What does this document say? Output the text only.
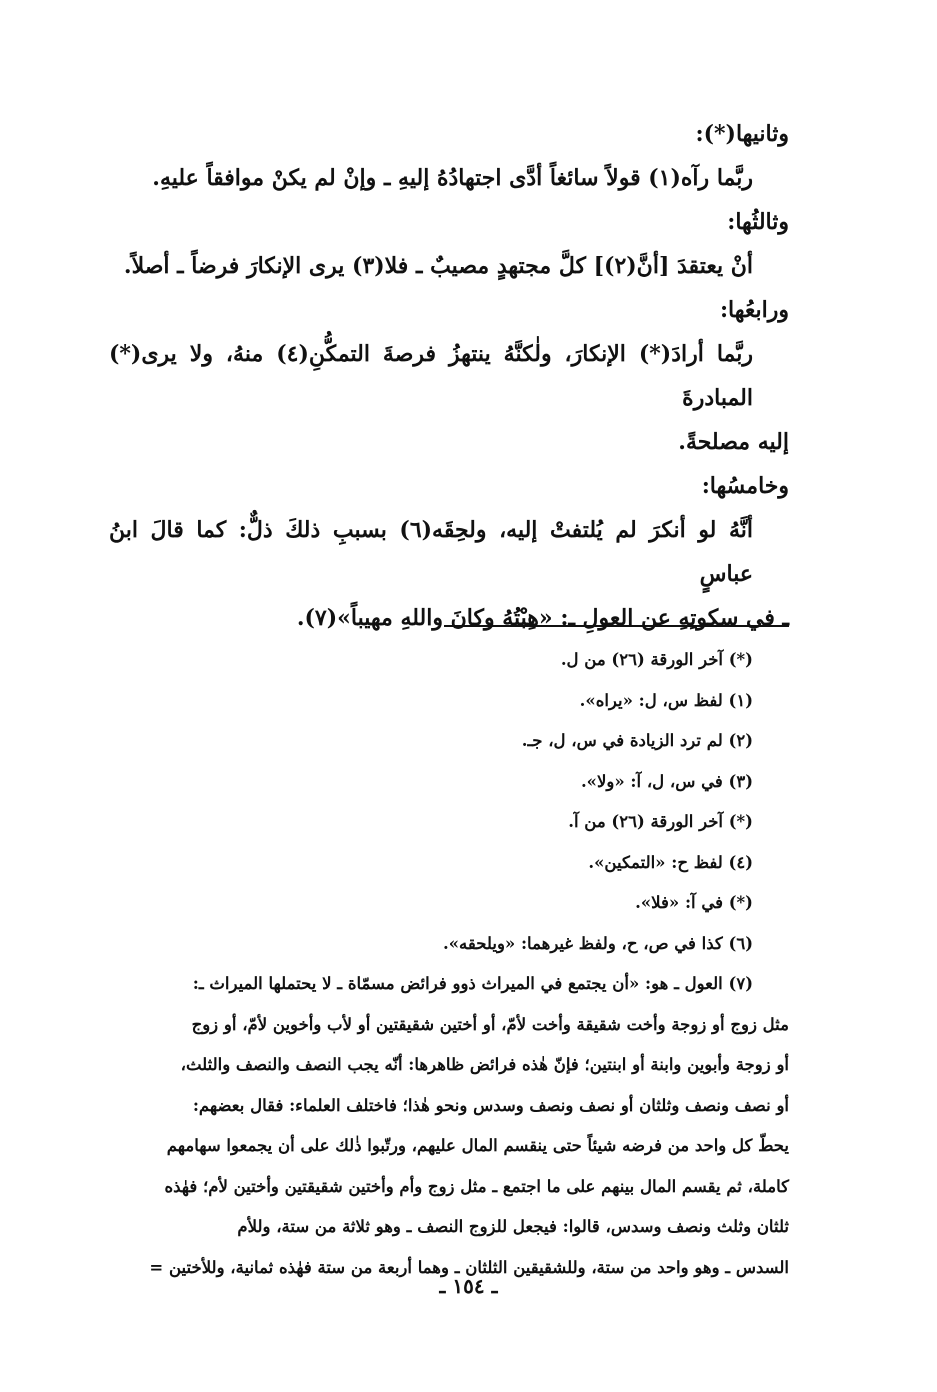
وثانيها(*):

ربَّما رآه(١) قولاً سائغاً أدَّى اجتهادُهُ إليهِ ـ وإنْ لم يكنْ موافقاً عليهِ.

وثالثُها:

أنْ يعتقدَ [أنَّ(٢)] كلَّ مجتهدٍ مصيبٌ ـ فلا(٣) يرى الإنكارَ فرضاً ـ أصلاً.

ورابعُها:

ربَّما أرادَ(*) الإنكارَ، ولٰكنَّهُ ينتهزُ فرصةَ التمكُّنِ(٤) منهُ، ولا يرى(*) المبادرةَ
إليه مصلحةً.

وخامسُها:

أنَّهُ لو أنكرَ لم يُلتفتْ إليه، ولحِقَه(٦) بسببِ ذلكَ ذلٌّ: كما قالَ ابنُ عباسٍ
ـ في سكوتِهِ عن العولِ ـ: «هِبْتُهُ وكانَ واللهِ مهيباً»(٧).

(*) آخر الورقة (٢٦) من ل.

(١) لفظ س، ل: «يراه».

(٢) لم ترد الزيادة في س، ل، جـ.

(٣) في س، ل، آ: «ولا».

(*) آخر الورقة (٢٦) من آ.

(٤) لفظ ح: «التمكين».

(*) في آ: «فلا».

(٦) كذا في ص، ح، ولفظ غيرهما: «ويلحقه».

(٧) العول ـ هو: «أن يجتمع في الميراث ذوو فرائض مسمّاة ـ لا يحتملها الميراث ـ:

مثل زوج أو زوجة وأخت شقيقة وأخت لأمّ، أو أختين شقيقتين أو لأب وأخوين لأمّ، أو زوج

أو زوجة وأبوين وابنة أو ابنتين؛ فإنّ هٰذه فرائض ظاهرها: أنّه يجب النصف والنصف والثلث،

أو نصف ونصف وثلثان أو نصف ونصف وسدس ونحو هٰذا؛ فاختلف العلماء: فقال بعضهم:

يحطّ كل واحد من فرضه شيئاً حتى ينقسم المال عليهم، ورتّبوا ذٰلك على أن يجمعوا سهامهم

كاملة، ثم يقسم المال بينهم على ما اجتمع ـ مثل زوج وأم وأختين شقيقتين وأختين لأم؛ فهٰذه

ثلثان وثلث ونصف وسدس، قالوا: فيجعل للزوج النصف ـ وهو ثلاثة من ستة، وللأم

السدس ـ وهو واحد من ستة، وللشقيقين الثلثان ـ وهما أربعة من ستة فهٰذه ثمانية، وللأختين =

ـ ١٥٤ ـ
